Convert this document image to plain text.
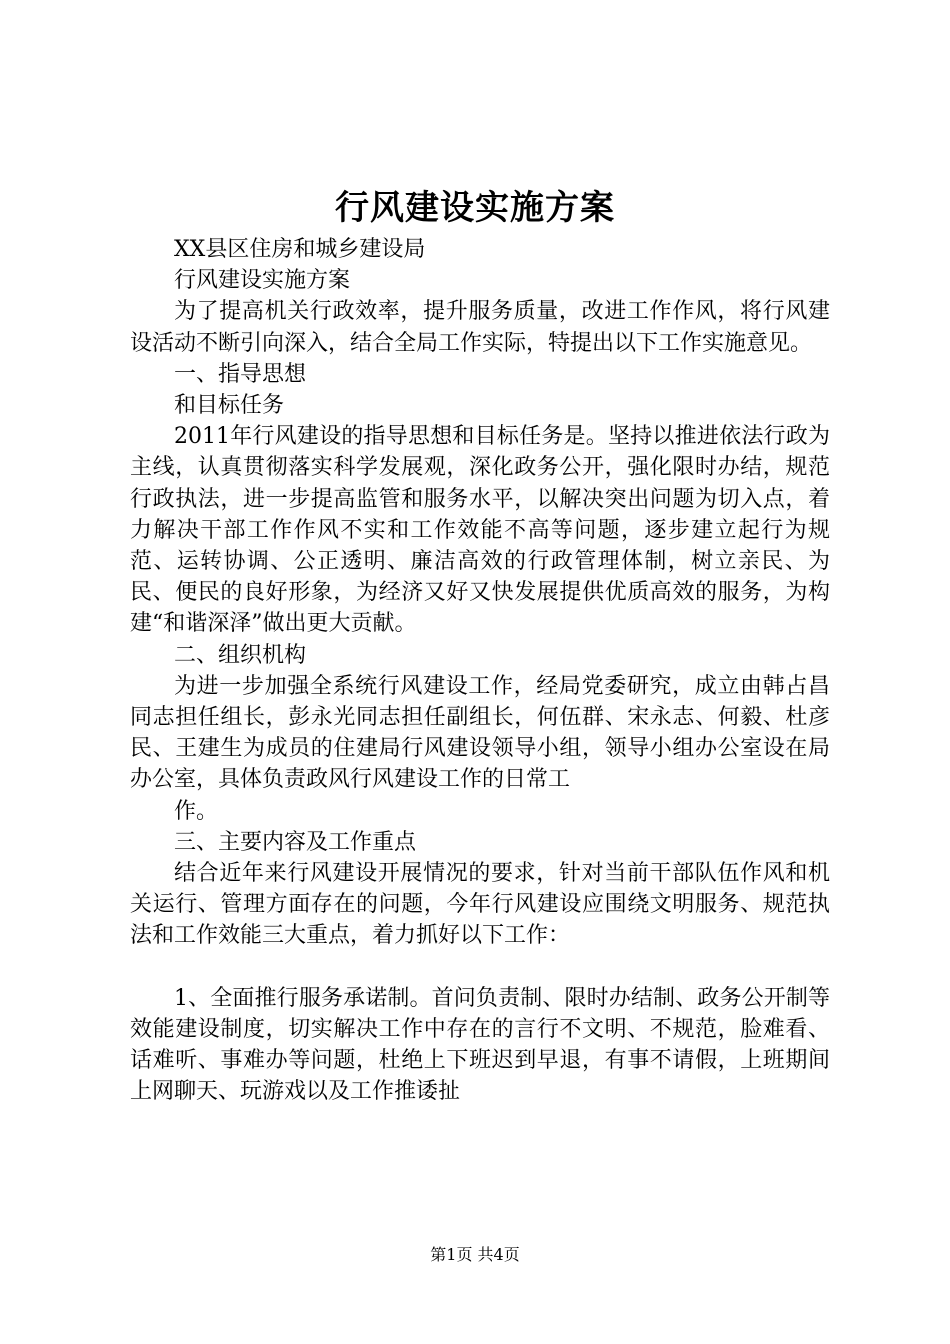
行风建设实施方案

XX县区住房和城乡建设局

行风建设实施方案

为了提高机关行政效率，提升服务质量，改进工作作风，将行风建设活动不断引向深入，结合全局工作实际，特提出以下工作实施意见。

一、指导思想

和目标任务

2011年行风建设的指导思想和目标任务是。坚持以推进依法行政为主线，认真贯彻落实科学发展观，深化政务公开，强化限时办结，规范行政执法，进一步提高监管和服务水平，以解决突出问题为切入点，着力解决干部工作作风不实和工作效能不高等问题，逐步建立起行为规范、运转协调、公正透明、廉洁高效的行政管理体制，树立亲民、为民、便民的良好形象，为经济又好又快发展提供优质高效的服务，为构建“和谐深泽”做出更大贡献。

二、组织机构

为进一步加强全系统行风建设工作，经局党委研究，成立由韩占昌同志担任组长，彭永光同志担任副组长，何伍群、宋永志、何毅、杜彦民、王建生为成员的住建局行风建设领导小组，领导小组办公室设在局办公室，具体负责政风行风建设工作的日常工

作。

三、主要内容及工作重点

结合近年来行风建设开展情况的要求，针对当前干部队伍作风和机关运行、管理方面存在的问题，今年行风建设应围绕文明服务、规范执法和工作效能三大重点，着力抓好以下工作：

1、全面推行服务承诺制。首问负责制、限时办结制、政务公开制等效能建设制度，切实解决工作中存在的言行不文明、不规范，脸难看、话难听、事难办等问题，杜绝上下班迟到早退，有事不请假，上班期间上网聊天、玩游戏以及工作推诿扯

第1页 共4页
